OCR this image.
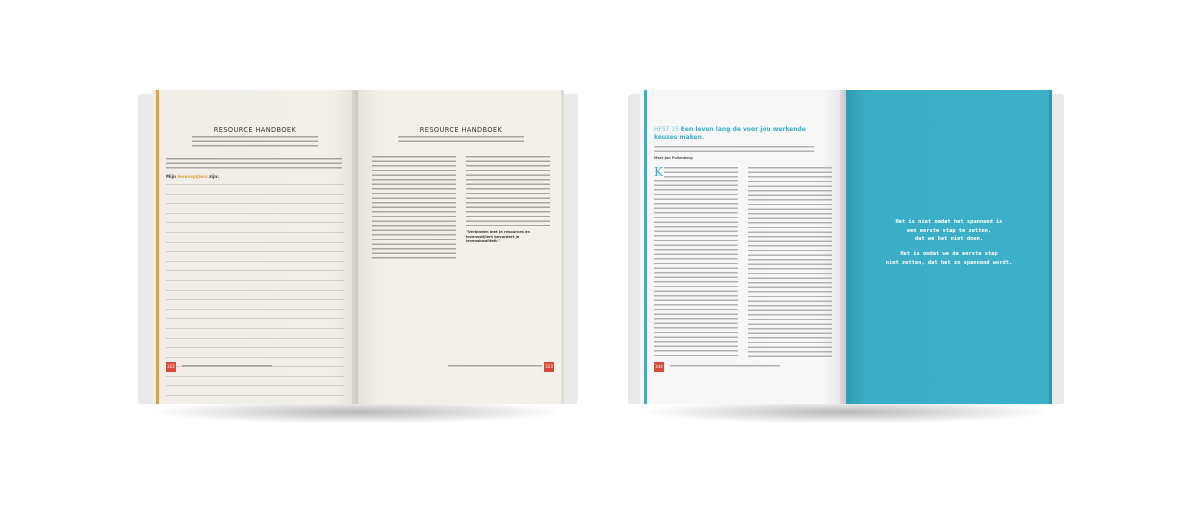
RESOURCE HANDBOEK
Mijn levenspijlers zijn:
322
RESOURCE HANDBOEK
"Verbinden met je resources en levensstijlers bevordert je levenskwaliteit."
323
HFST 15 Een leven lang de voor jou werkende
keuzes maken.
Marc-Jan Pullenberg
K
344
Het is niet omdat het spannend is
een eerste stap te zetten,
dat we het niet doen.
Het is omdat we de eerste stap
niet zetten, dat het zo spannend wordt.
